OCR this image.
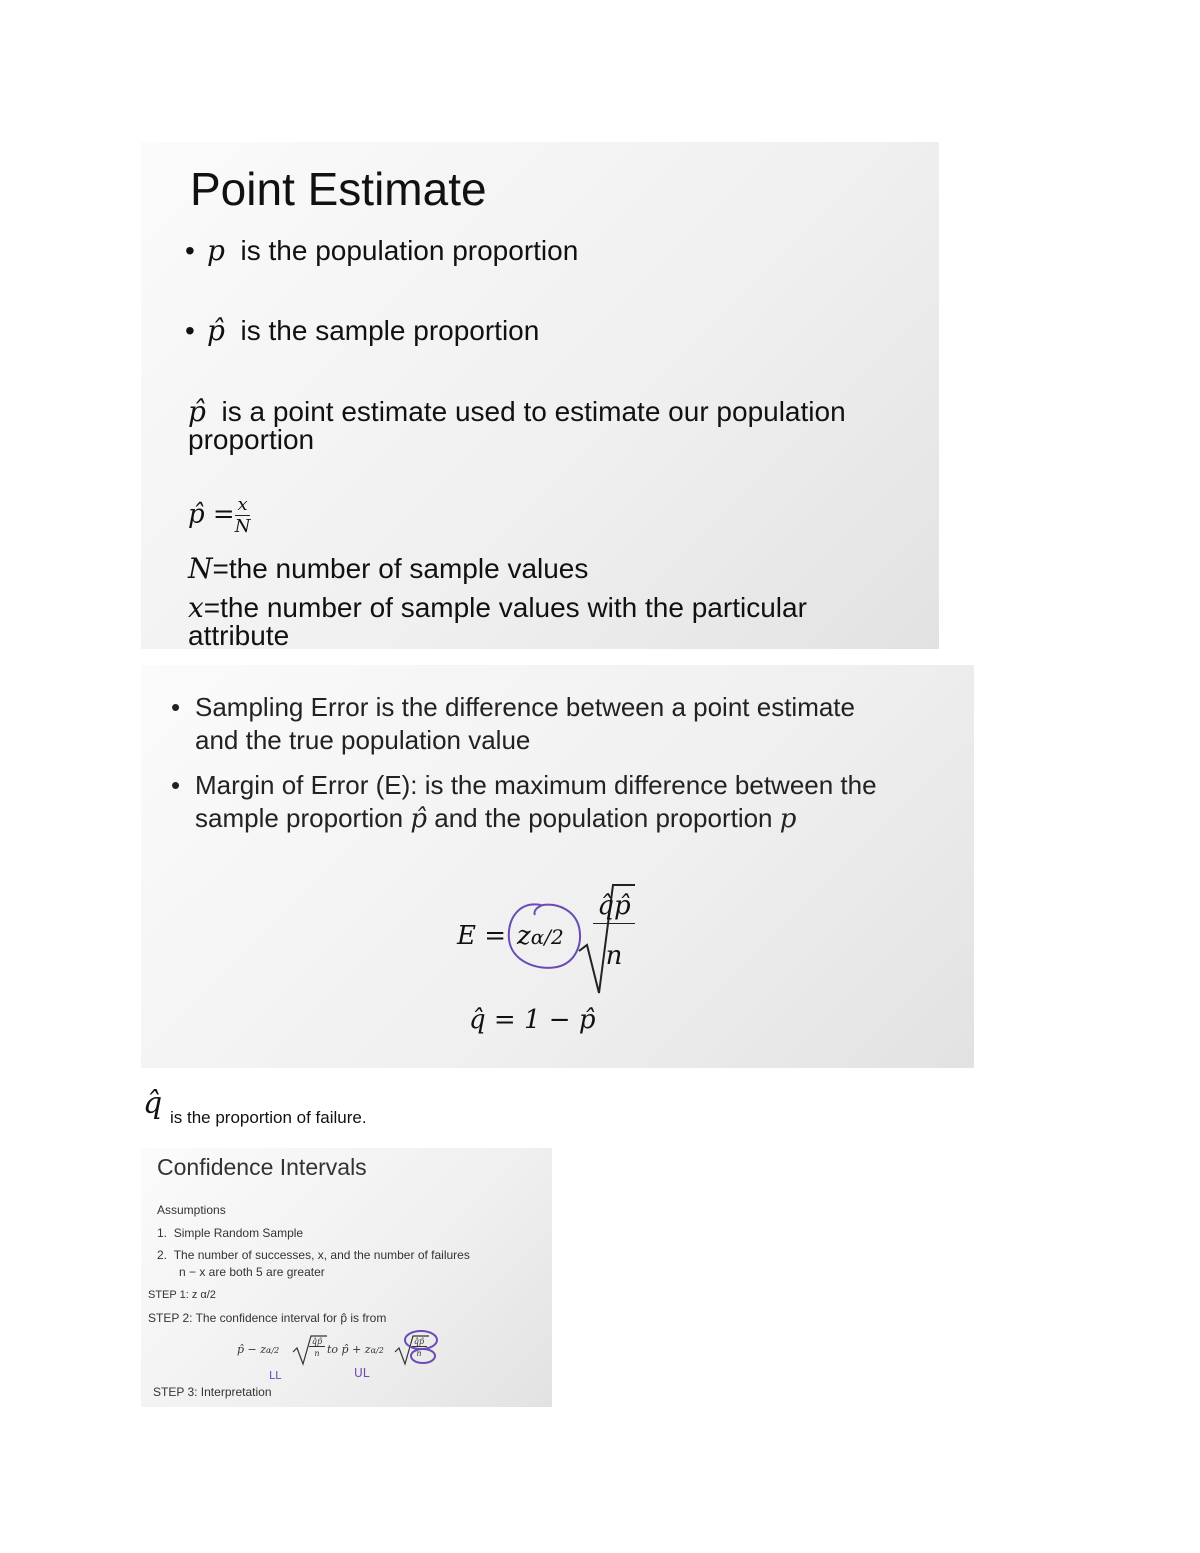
Point Estimate
• p is the population proportion
• p̂ is the sample proportion
p̂ is a point estimate used to estimate our population
proportion
p̂ = $\frac{x}{N}$
N=the number of sample values
x=the number of sample values with the particular
attribute
• Sampling Error is the difference between a point estimate
and the true population value
• Margin of Error (E): is the maximum difference between the
sample proportion p̂ and the population proportion p
E = zα/2
q̂p̂
n
q̂ = 1 − p̂
q̂ is the proportion of failure.
Confidence Intervals
Assumptions
1. Simple Random Sample
2. The number of successes, x, and the number of failures
n − x are both 5 are greater
STEP 1: z α/2
STEP 2: The confidence interval for p̂ is from
p̂ − zα/2
q̂p̂
n to p̂ + zα/2
q̂p̂
n
LL	UL
STEP 3: Interpretation
